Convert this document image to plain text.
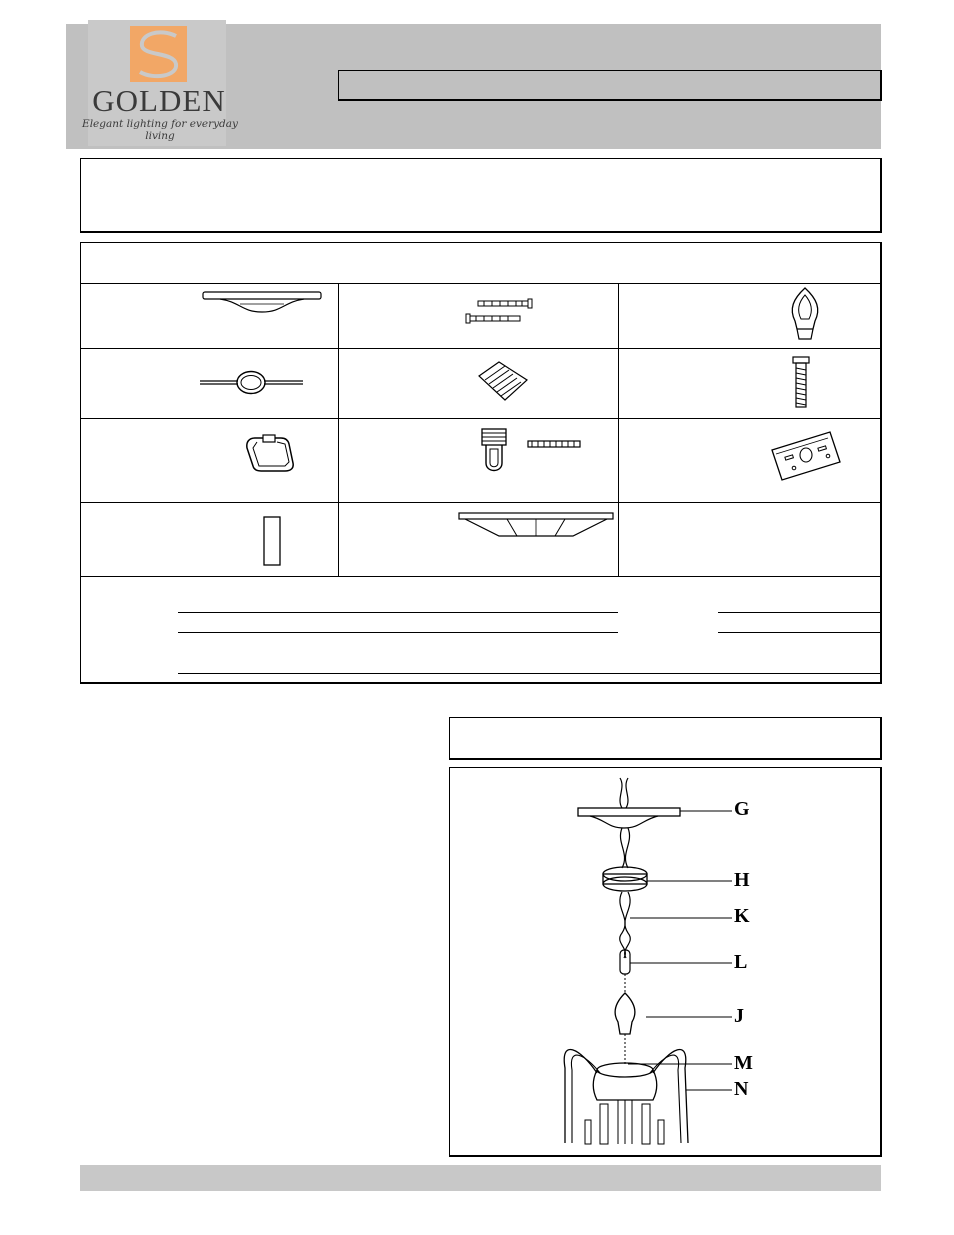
GOLDEN
Elegant lighting for everyday living
G
H
K
L
J
M
N
